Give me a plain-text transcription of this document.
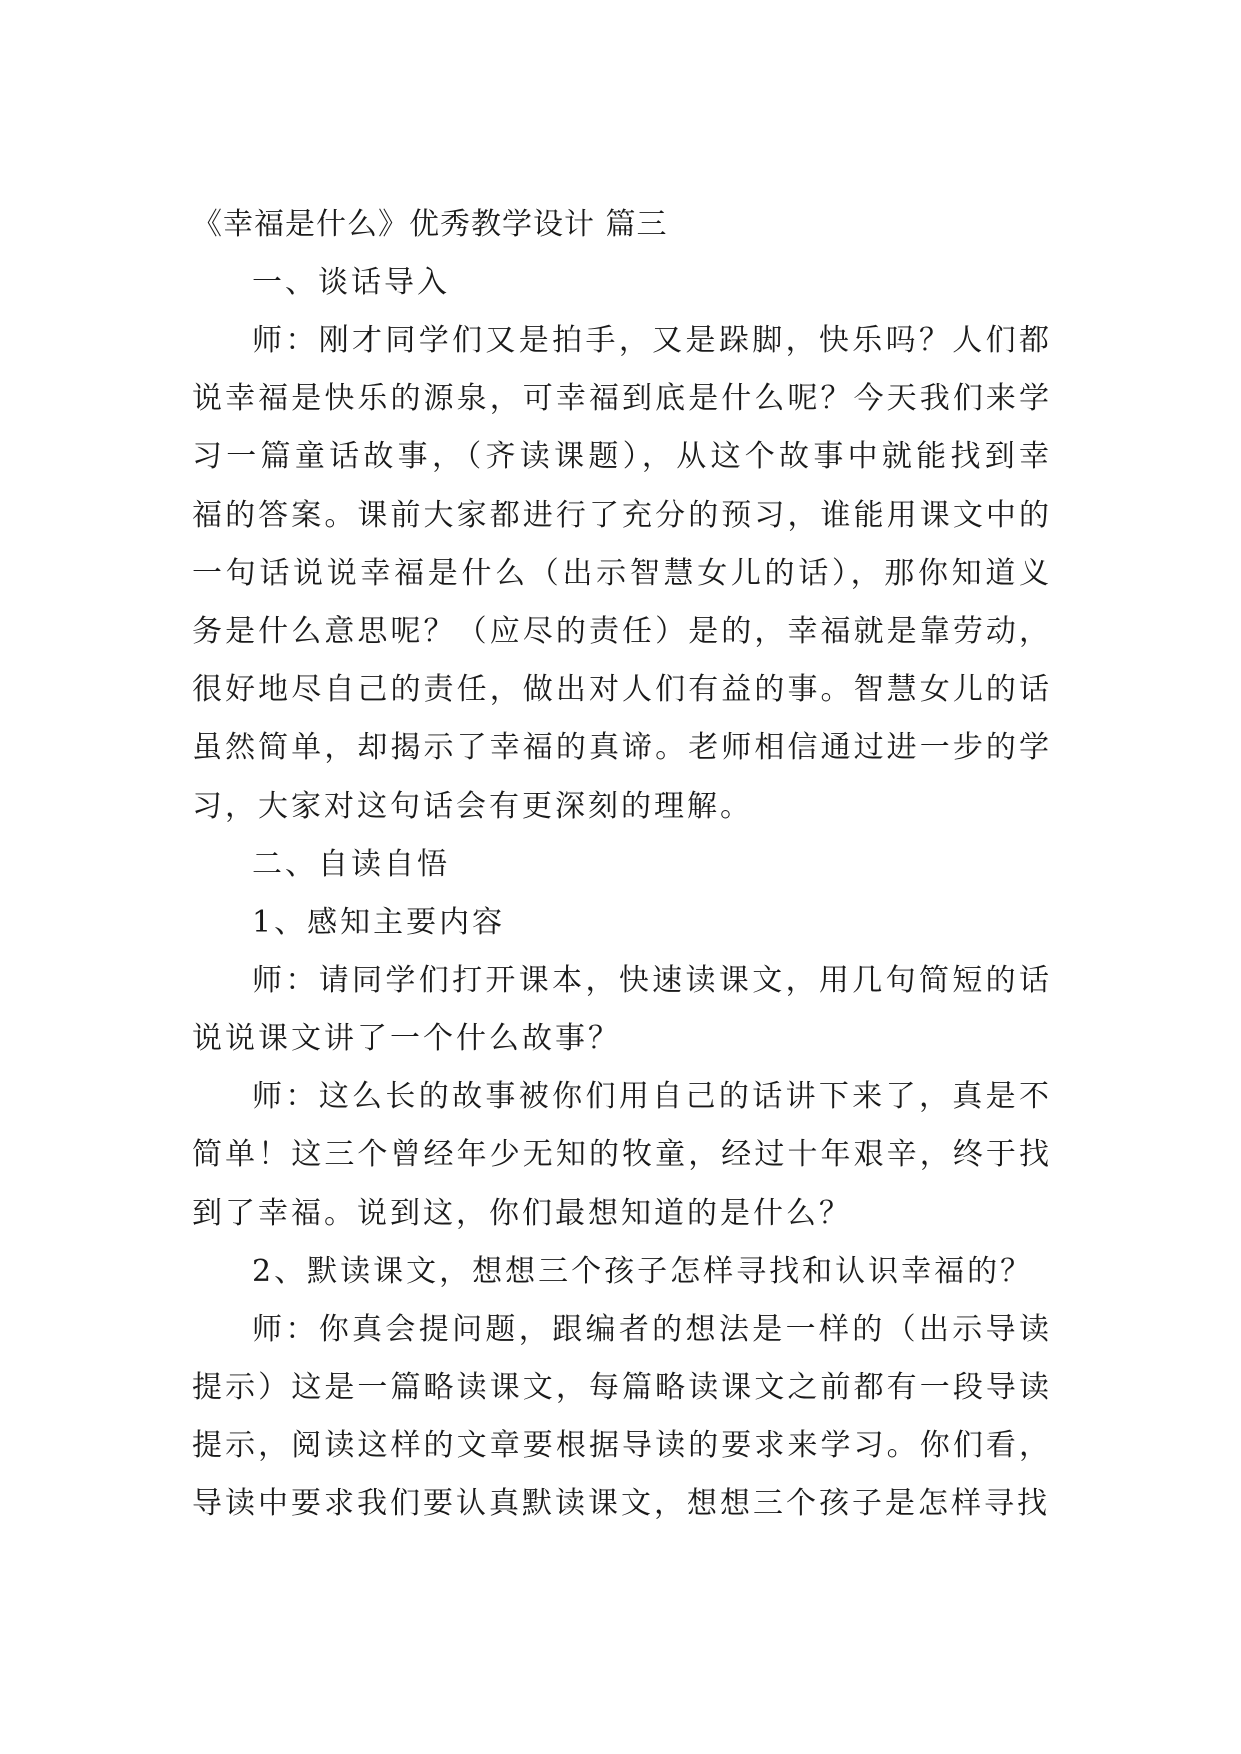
《幸福是什么》优秀教学设计 篇三

一、谈话导入

师：刚才同学们又是拍手，又是跺脚，快乐吗？人们都说幸福是快乐的源泉，可幸福到底是什么呢？今天我们来学习一篇童话故事，（齐读课题），从这个故事中就能找到幸福的答案。课前大家都进行了充分的预习，谁能用课文中的一句话说说幸福是什么（出示智慧女儿的话），那你知道义务是什么意思呢？（应尽的责任）是的，幸福就是靠劳动，很好地尽自己的责任，做出对人们有益的事。智慧女儿的话虽然简单，却揭示了幸福的真谛。老师相信通过进一步的学习，大家对这句话会有更深刻的理解。

二、自读自悟

1、感知主要内容

师：请同学们打开课本，快速读课文，用几句简短的话说说课文讲了一个什么故事？

师：这么长的故事被你们用自己的话讲下来了，真是不简单！这三个曾经年少无知的牧童，经过十年艰辛，终于找到了幸福。说到这，你们最想知道的是什么？

2、默读课文，想想三个孩子怎样寻找和认识幸福的？

师：你真会提问题，跟编者的想法是一样的（出示导读提示）这是一篇略读课文，每篇略读课文之前都有一段导读提示，阅读这样的文章要根据导读的要求来学习。你们看，导读中要求我们要认真默读课文，想想三个孩子是怎样寻找
